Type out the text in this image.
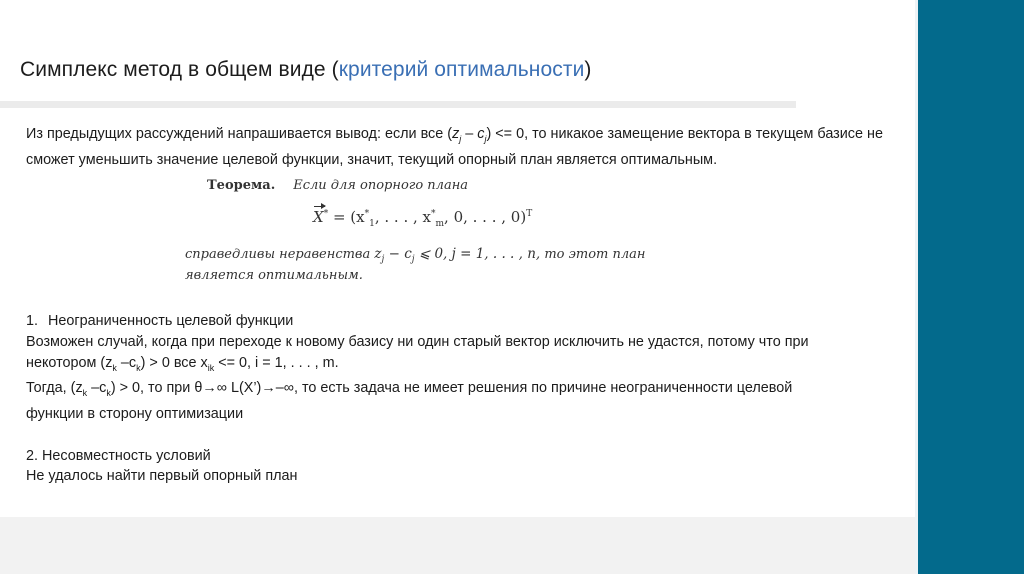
Симплекс метод в общем виде (критерий оптимальности)
Из предыдущих рассуждений напрашивается вывод: если все $(z_j - c_j) <= 0$, то никакое замещение вектора в текущем базисе не сможет уменьшить значение целевой функции, значит, текущий опорный план является оптимальным.
Теорема. Если для опорного плана
$X^* = (x^*_1$, . . . , $x^*_m$, 0, . . . , 0)$^T$
справедливы неравенства $z_j - c_j$ ⩽ 0, j = 1, . . . , n, то этот план
является оптимальным.

1. Неограниченность целевой функции

Возможен случай, когда при переходе к новому базису ни один старый вектор исключить не удастся, потому что при

некотором ($z_k$ $-c_k) > 0$ все $x_{ik} <= 0$, i = 1, . . . , m.

Тогда, ($z_k$ $-c_k) > 0$, то при θ→∞ L(X’)→–∞, то есть задача не имеет решения по причине неограниченности целевой

функции в сторону оптимизации

2. Несовместность условий

Не удалось найти первый опорный план
